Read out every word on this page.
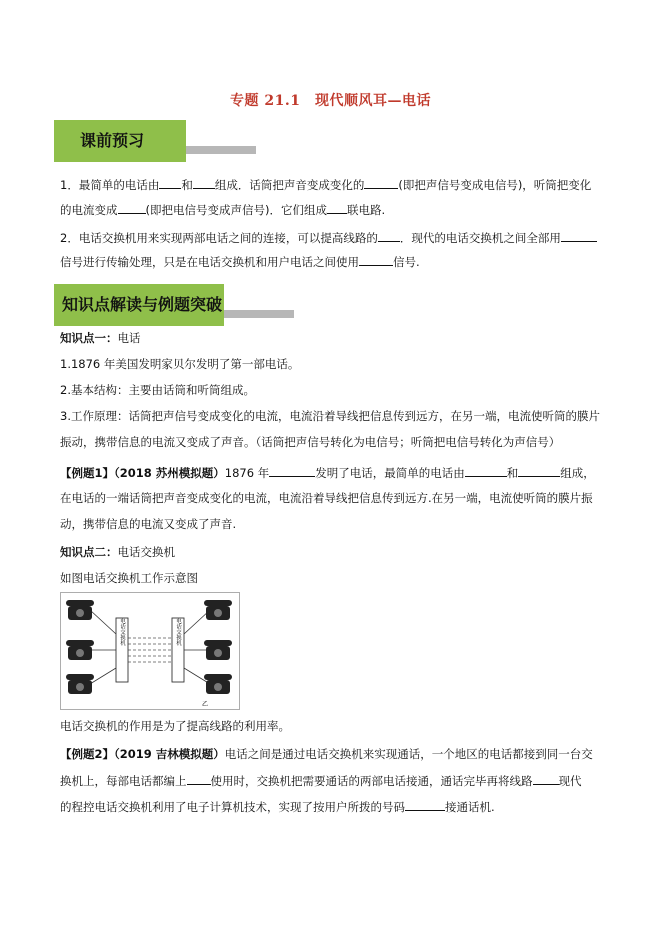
专题 21.1　现代顺风耳—电话
课前预习
1．最简单的电话由 和 组成．话筒把声音变成变化的	(即把声信号变成电信号)，听筒把变化
的电流变成 (即把电信号变成声信号)．它们组成 联电路.
2．电话交换机用来实现两部电话之间的连接，可以提高线路的 ．现代的电话交换机之间全部用
信号进行传输处理，只是在电话交换机和用户电话之间使用	信号.
知识点解读与例题突破
知识点一：电话
1.1876 年美国发明家贝尔发明了第一部电话。
2.基本结构：主要由话筒和听筒组成。
3.工作原理：话筒把声信号变成变化的电流，电流沿着导线把信息传到远方，在另一端，电流使听筒的膜片
振动，携带信息的电流又变成了声音。（话筒把声信号转化为电信号；听筒把电信号转化为声信号）
【例题1】（2018 苏州模拟题）1876 年	发明了电话，最简单的电话由	和	组成，
在电话的一端话筒把声音变成变化的电流，电流沿着导线把信息传到远方.在另一端，电流使听筒的膜片振
动，携带信息的电流又变成了声音.
知识点二：电话交换机
如图电话交换机工作示意图
电话交换机	电话交换机
乙
电话交换机的作用是为了提高线路的利用率。
【例题2】（2019 吉林模拟题）电话之间是通过电话交换机来实现通话，一个地区的电话都接到同一台交
换机上，每部电话都编上 使用时，交换机把需要通话的两部电话接通，通话完毕再将线路 现代
的程控电话交换机利用了电子计算机技术，实现了按用户所拨的号码	接通话机.
